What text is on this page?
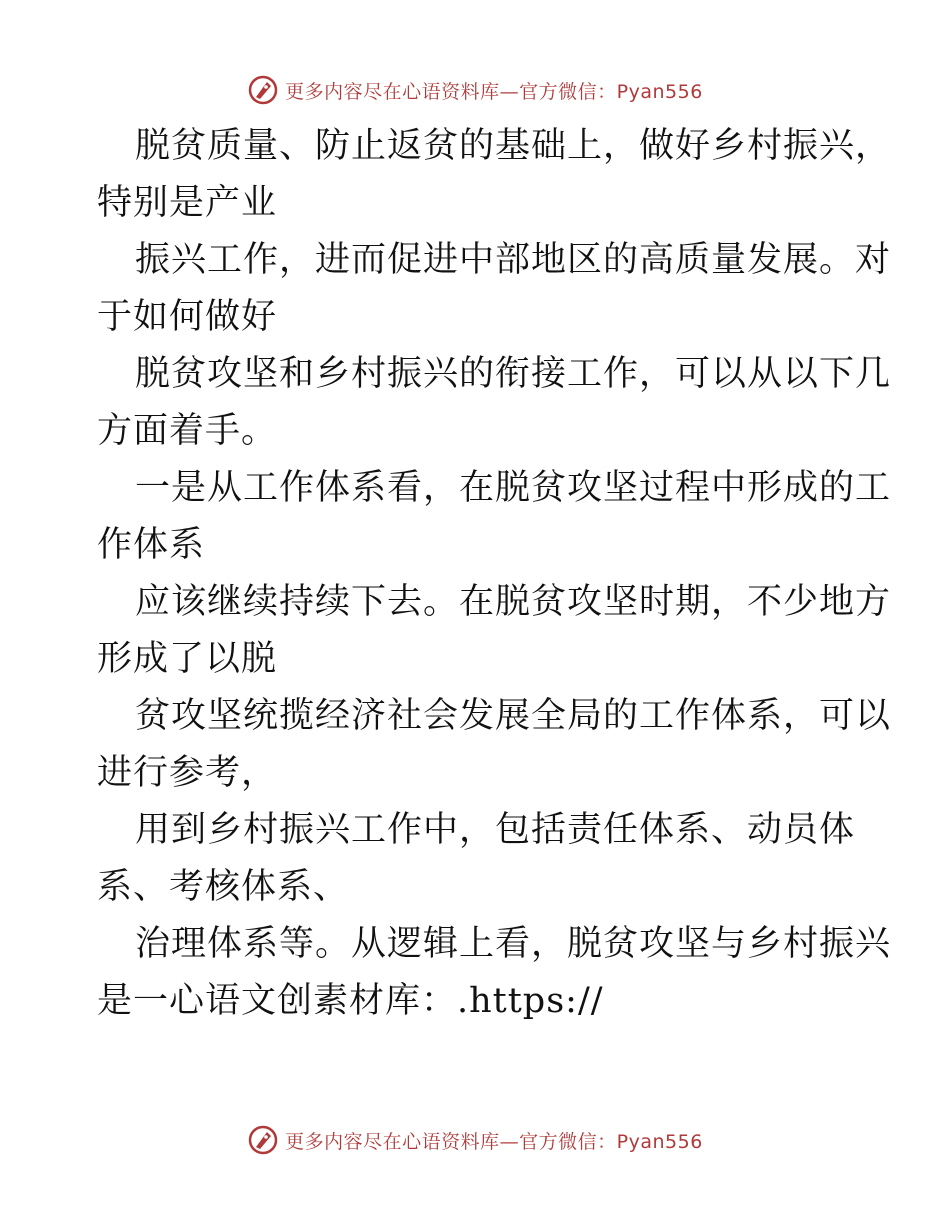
更多内容尽在心语资料库—官方微信：Pyan556

脱贫质量、防止返贫的基础上，做好乡村振兴，
特别是产业

振兴工作，进而促进中部地区的高质量发展。对
于如何做好

脱贫攻坚和乡村振兴的衔接工作，可以从以下几
方面着手。

一是从工作体系看，在脱贫攻坚过程中形成的工
作体系

应该继续持续下去。在脱贫攻坚时期，不少地方
形成了以脱

贫攻坚统揽经济社会发展全局的工作体系，可以
进行参考，

用到乡村振兴工作中，包括责任体系、动员体
系、考核体系、

治理体系等。从逻辑上看，脱贫攻坚与乡村振兴
是一心语文创素材库：.https://

更多内容尽在心语资料库—官方微信：Pyan556
